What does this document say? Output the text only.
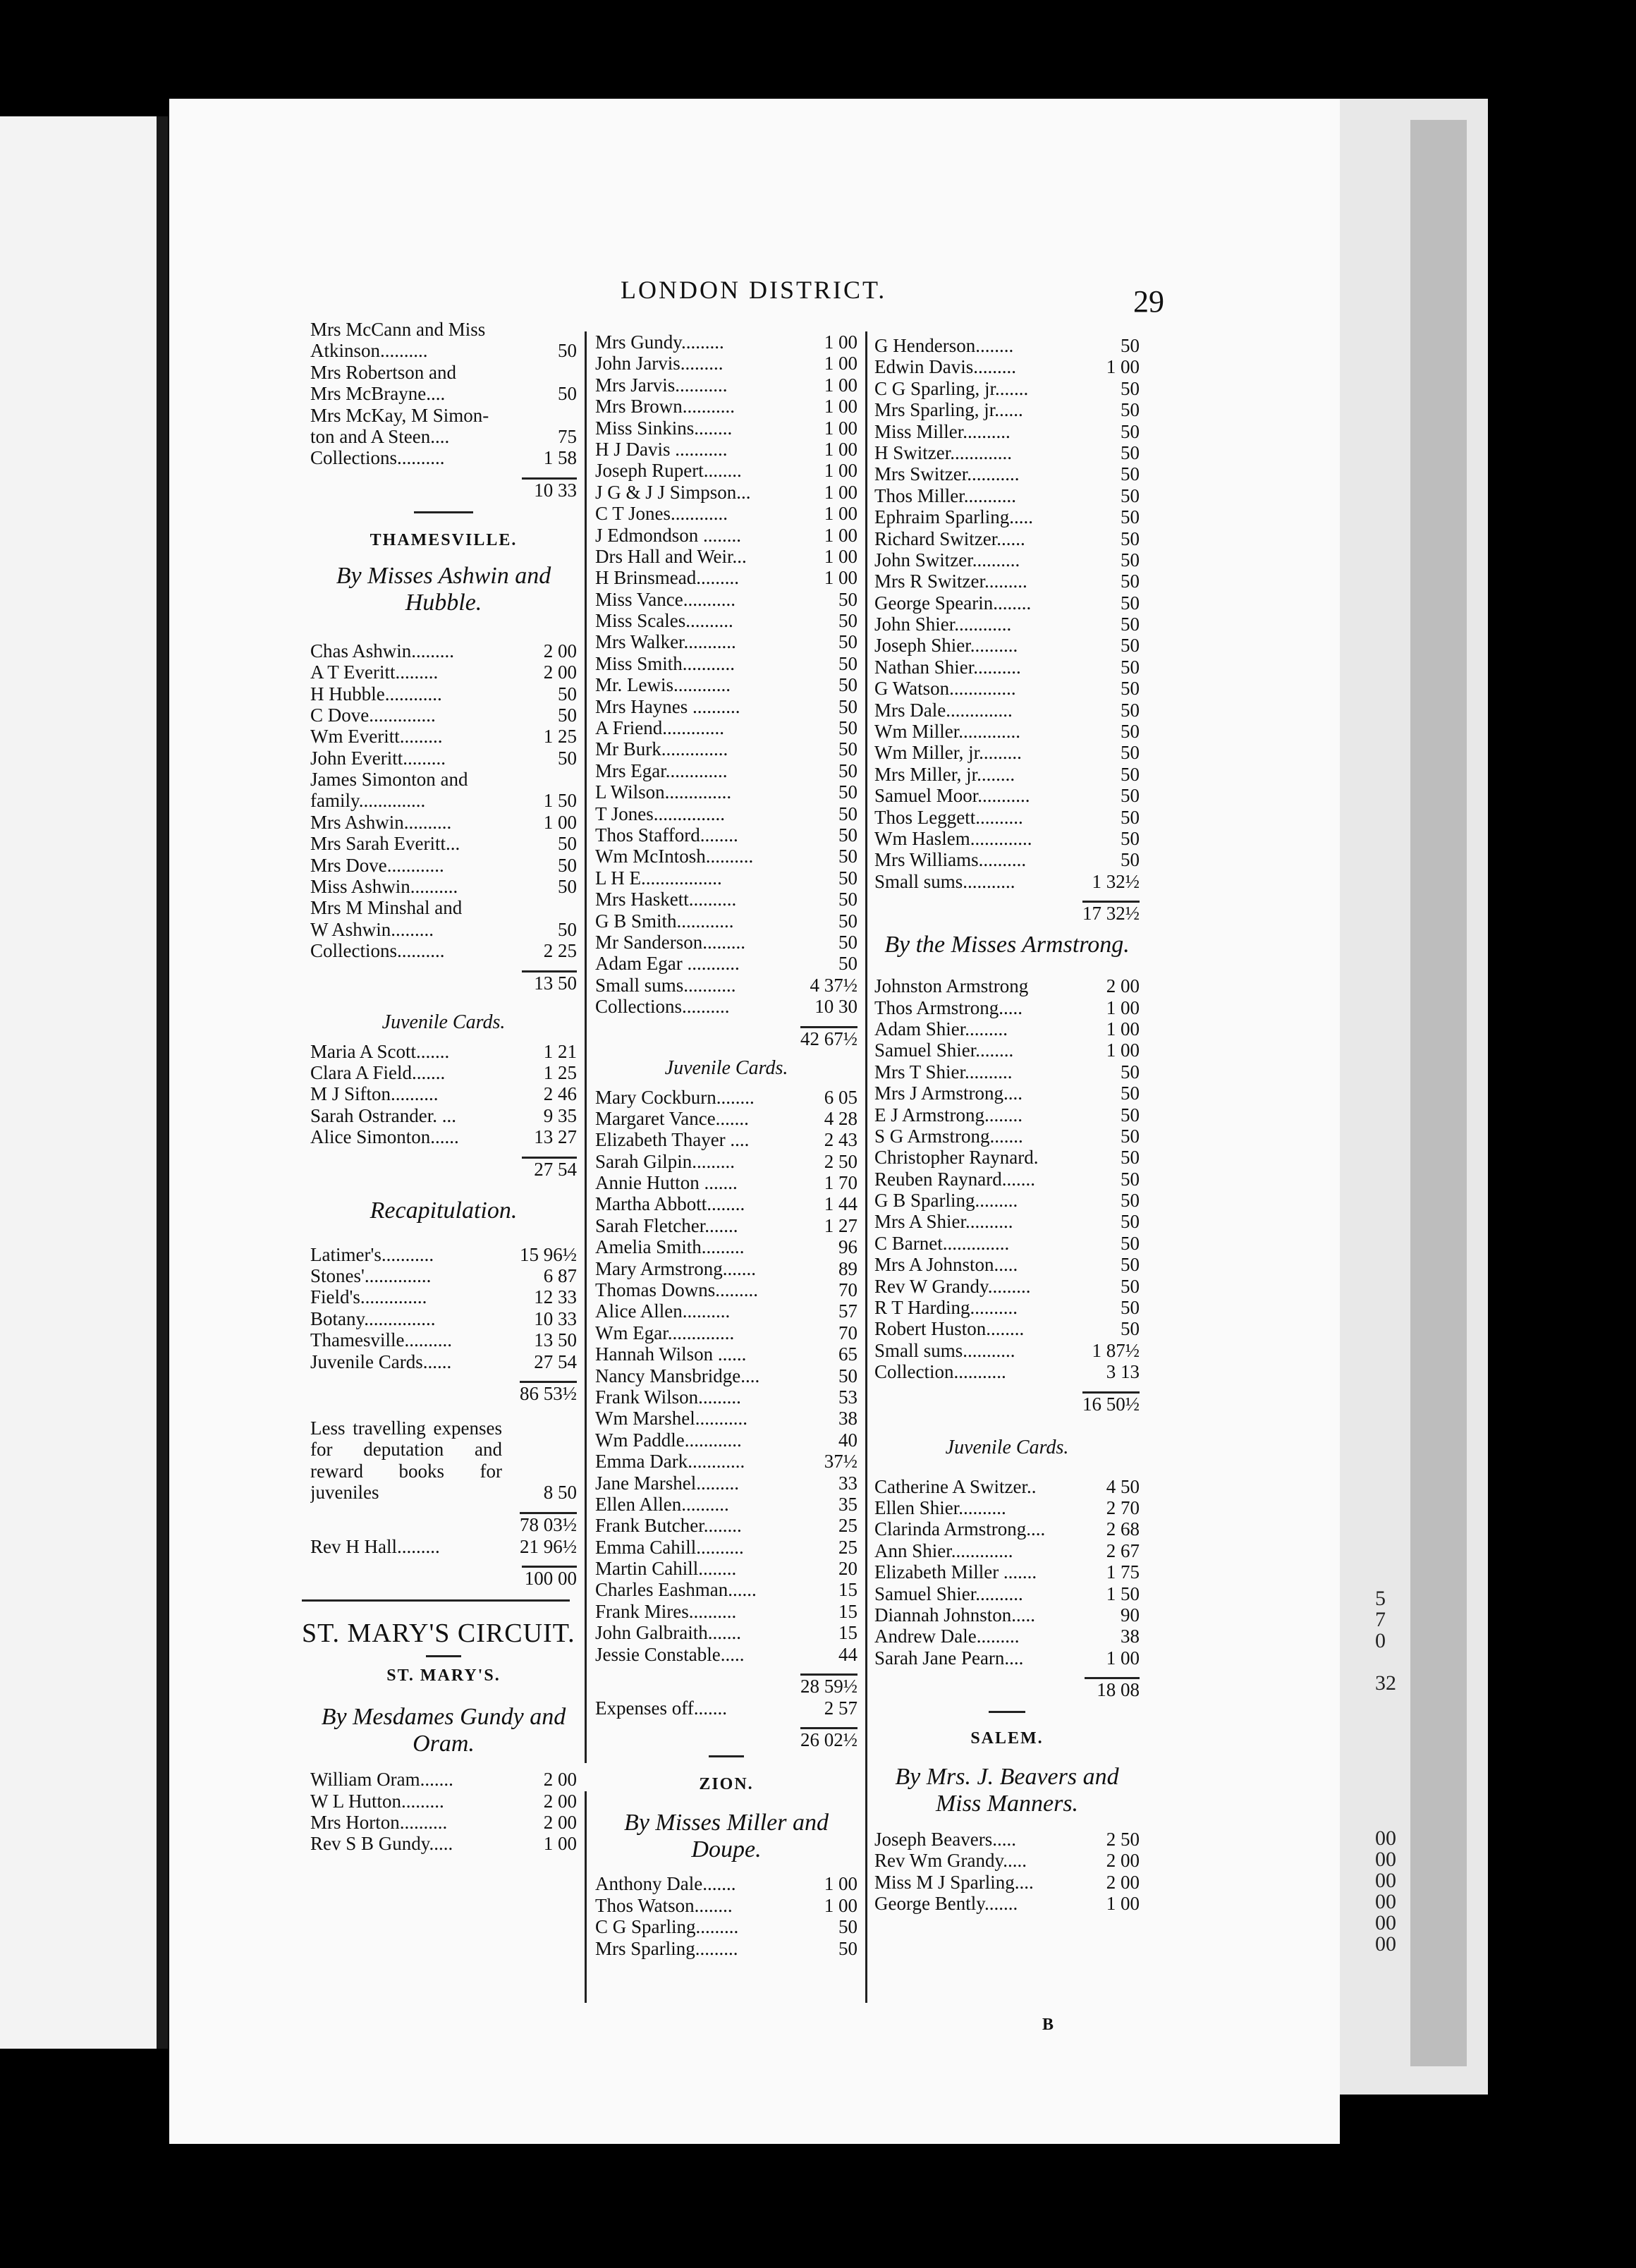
5
7
0
32
00
00
00
00
00
00
LONDON DISTRICT.	29
Mrs McCann and Miss
Atkinson..........	50
Mrs Robertson and
Mrs McBrayne....	50
Mrs McKay, M Simon-
ton and A Steen....	75
Collections..........	1 58
10 33
THAMESVILLE.
By Misses Ashwin and Hubble.
Chas Ashwin.........	2 00
A T Everitt.........	2 00
H Hubble............	50
C Dove..............	50
Wm Everitt.........	1 25
John Everitt.........	50
James Simonton and
family..............	1 50
Mrs Ashwin..........	1 00
Mrs Sarah Everitt...	50
Mrs Dove............	50
Miss Ashwin..........	50
Mrs M Minshal and
W Ashwin.........	50
Collections..........	2 25
13 50
Juvenile Cards.
Maria A Scott.......	1 21
Clara A Field.......	1 25
M J Sifton..........	2 46
Sarah Ostrander. ...	9 35
Alice Simonton......	13 27
27 54
Recapitulation.
Latimer's...........	15 96½
Stones'..............	6 87
Field's..............	12 33
Botany...............	10 33
Thamesville..........	13 50
Juvenile Cards......	27 54
86 53½
Less travelling expenses for deputation and reward books for juveniles	8 50
78 03½
Rev H Hall.........	21 96½
100 00
ST. MARY'S CIRCUIT.
ST. MARY'S.
By Mesdames Gundy and Oram.
William Oram.......	2 00
W L Hutton.........	2 00
Mrs Horton..........	2 00
Rev S B Gundy.....	1 00
Mrs Gundy.........	1 00
John Jarvis.........	1 00
Mrs Jarvis...........	1 00
Mrs Brown...........	1 00
Miss Sinkins........	1 00
H J Davis ...........	1 00
Joseph Rupert........	1 00
J G & J J Simpson...	1 00
C T Jones............	1 00
J Edmondson ........	1 00
Drs Hall and Weir...	1 00
H Brinsmead.........	1 00
Miss Vance...........	50
Miss Scales..........	50
Mrs Walker...........	50
Miss Smith...........	50
Mr. Lewis............	50
Mrs Haynes ..........	50
A Friend.............	50
Mr Burk..............	50
Mrs Egar.............	50
L Wilson..............	50
T Jones...............	50
Thos Stafford........	50
Wm McIntosh..........	50
L H E.................	50
Mrs Haskett..........	50
G B Smith............	50
Mr Sanderson.........	50
Adam Egar ...........	50
Small sums...........	4 37½
Collections..........	10 30
42 67½
Juvenile Cards.
Mary Cockburn........	6 05
Margaret Vance.......	4 28
Elizabeth Thayer ....	2 43
Sarah Gilpin.........	2 50
Annie Hutton .......	1 70
Martha Abbott........	1 44
Sarah Fletcher.......	1 27
Amelia Smith.........	96
Mary Armstrong.......	89
Thomas Downs.........	70
Alice Allen..........	57
Wm Egar..............	70
Hannah Wilson ......	65
Nancy Mansbridge....	50
Frank Wilson.........	53
Wm Marshel...........	38
Wm Paddle............	40
Emma Dark............	37½
Jane Marshel.........	33
Ellen Allen..........	35
Frank Butcher........	25
Emma Cahill..........	25
Martin Cahill........	20
Charles Eashman......	15
Frank Mires..........	15
John Galbraith.......	15
Jessie Constable.....	44
28 59½
Expenses off.......	2 57
26 02½
ZION.
By Misses Miller and Doupe.
Anthony Dale.......	1 00
Thos Watson........	1 00
C G Sparling.........	50
Mrs Sparling.........	50
G Henderson........	50
Edwin Davis.........	1 00
C G Sparling, jr.......	50
Mrs Sparling, jr......	50
Miss Miller..........	50
H Switzer.............	50
Mrs Switzer...........	50
Thos Miller...........	50
Ephraim Sparling.....	50
Richard Switzer......	50
John Switzer..........	50
Mrs R Switzer.........	50
George Spearin........	50
John Shier............	50
Joseph Shier..........	50
Nathan Shier..........	50
G Watson..............	50
Mrs Dale..............	50
Wm Miller.............	50
Wm Miller, jr.........	50
Mrs Miller, jr........	50
Samuel Moor...........	50
Thos Leggett..........	50
Wm Haslem.............	50
Mrs Williams..........	50
Small sums...........	1 32½
17 32½
By the Misses Armstrong.
Johnston Armstrong	2 00
Thos Armstrong.....	1 00
Adam Shier.........	1 00
Samuel Shier........	1 00
Mrs T Shier..........	50
Mrs J Armstrong....	50
E J Armstrong........	50
S G Armstrong.......	50
Christopher Raynard.	50
Reuben Raynard.......	50
G B Sparling.........	50
Mrs A Shier..........	50
C Barnet..............	50
Mrs A Johnston.....	50
Rev W Grandy.........	50
R T Harding..........	50
Robert Huston........	50
Small sums...........	1 87½
Collection...........	3 13
16 50½
Juvenile Cards.
Catherine A Switzer..	4 50
Ellen Shier..........	2 70
Clarinda Armstrong....	2 68
Ann Shier.............	2 67
Elizabeth Miller .......	1 75
Samuel Shier..........	1 50
Diannah Johnston.....	90
Andrew Dale.........	38
Sarah Jane Pearn....	1 00
18 08
SALEM.
By Mrs. J. Beavers and Miss Manners.
Joseph Beavers.....	2 50
Rev Wm Grandy.....	2 00
Miss M J Sparling....	2 00
George Bently.......	1 00
B
